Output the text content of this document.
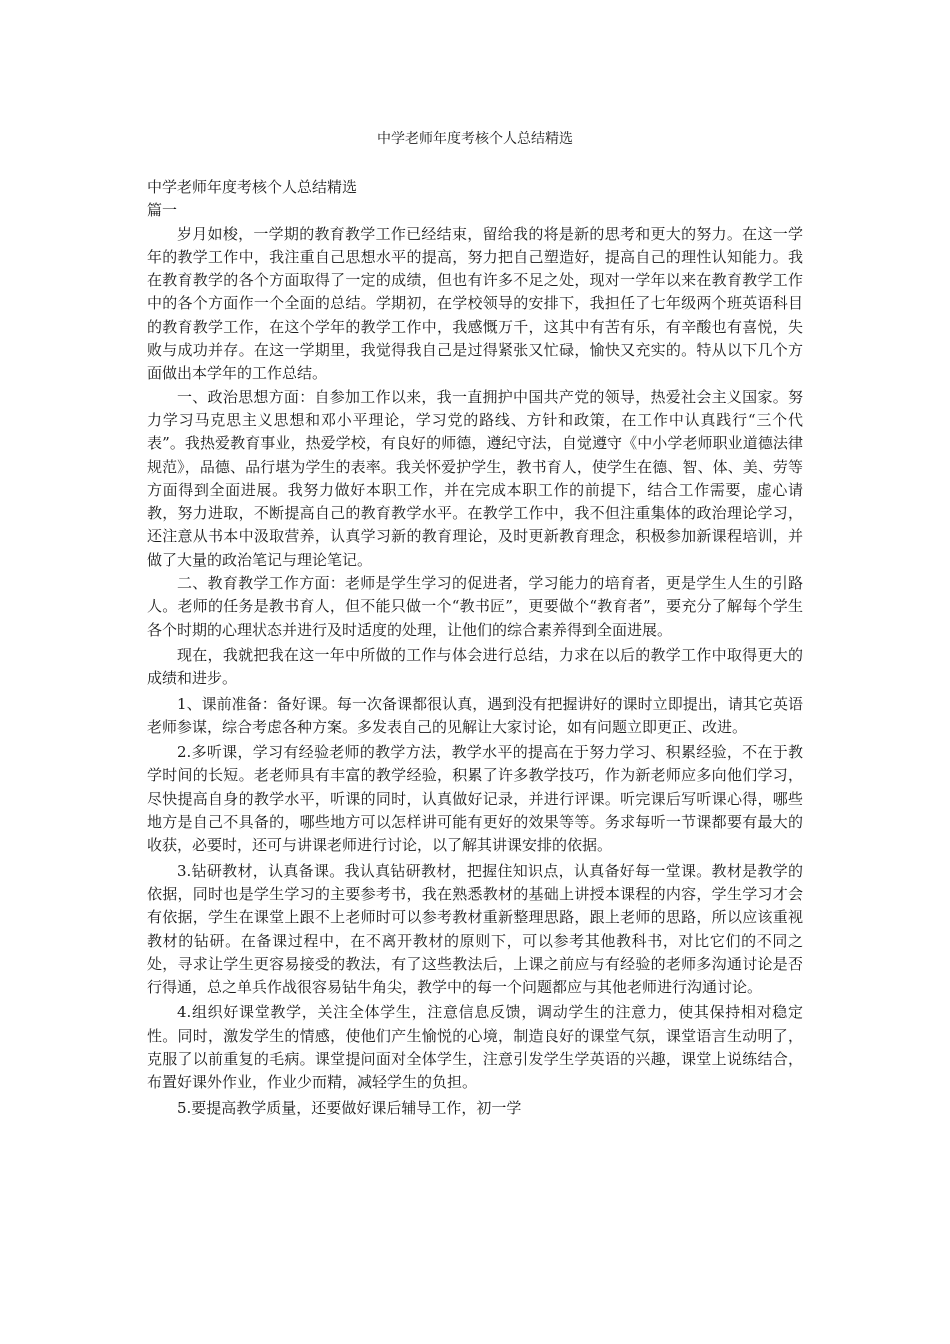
中学老师年度考核个人总结精选

中学老师年度考核个人总结精选

篇一

岁月如梭，一学期的教育教学工作已经结束，留给我的将是新的思考和更大的努力。在这一学年的教学工作中，我注重自己思想水平的提高，努力把自己塑造好，提高自己的理性认知能力。我在教育教学的各个方面取得了一定的成绩，但也有许多不足之处，现对一学年以来在教育教学工作中的各个方面作一个全面的总结。学期初，在学校领导的安排下，我担任了七年级两个班英语科目的教育教学工作，在这个学年的教学工作中，我感慨万千，这其中有苦有乐，有辛酸也有喜悦，失败与成功并存。在这一学期里，我觉得我自己是过得紧张又忙碌，愉快又充实的。特从以下几个方面做出本学年的工作总结。

一、政治思想方面：自参加工作以来，我一直拥护中国共产党的领导，热爱社会主义国家。努力学习马克思主义思想和邓小平理论，学习党的路线、方针和政策，在工作中认真践行“三个代表”。我热爱教育事业，热爱学校，有良好的师德，遵纪守法，自觉遵守《中小学老师职业道德法律规范》，品德、品行堪为学生的表率。我关怀爱护学生，教书育人，使学生在德、智、体、美、劳等方面得到全面进展。我努力做好本职工作，并在完成本职工作的前提下，结合工作需要，虚心请教，努力进取，不断提高自己的教育教学水平。在教学工作中，我不但注重集体的政治理论学习，还注意从书本中汲取营养，认真学习新的教育理论，及时更新教育理念，积极参加新课程培训，并做了大量的政治笔记与理论笔记。

二、教育教学工作方面：老师是学生学习的促进者，学习能力的培育者，更是学生人生的引路人。老师的任务是教书育人，但不能只做一个“教书匠”，更要做个“教育者”，要充分了解每个学生各个时期的心理状态并进行及时适度的处理，让他们的综合素养得到全面进展。

现在，我就把我在这一年中所做的工作与体会进行总结，力求在以后的教学工作中取得更大的成绩和进步。

1、课前准备：备好课。每一次备课都很认真，遇到没有把握讲好的课时立即提出，请其它英语老师参谋，综合考虑各种方案。多发表自己的见解让大家讨论，如有问题立即更正、改进。

2.多听课，学习有经验老师的教学方法，教学水平的提高在于努力学习、积累经验，不在于教学时间的长短。老老师具有丰富的教学经验，积累了许多教学技巧，作为新老师应多向他们学习，尽快提高自身的教学水平，听课的同时，认真做好记录，并进行评课。听完课后写听课心得，哪些地方是自己不具备的，哪些地方可以怎样讲可能有更好的效果等等。务求每听一节课都要有最大的收获，必要时，还可与讲课老师进行讨论，以了解其讲课安排的依据。

3.钻研教材，认真备课。我认真钻研教材，把握住知识点，认真备好每一堂课。教材是教学的依据，同时也是学生学习的主要参考书，我在熟悉教材的基础上讲授本课程的内容，学生学习才会有依据，学生在课堂上跟不上老师时可以参考教材重新整理思路，跟上老师的思路，所以应该重视教材的钻研。在备课过程中，在不离开教材的原则下，可以参考其他教科书，对比它们的不同之处，寻求让学生更容易接受的教法，有了这些教法后，上课之前应与有经验的老师多沟通讨论是否行得通，总之单兵作战很容易钻牛角尖，教学中的每一个问题都应与其他老师进行沟通讨论。

4.组织好课堂教学，关注全体学生，注意信息反馈，调动学生的注意力，使其保持相对稳定性。同时，激发学生的情感，使他们产生愉悦的心境，制造良好的课堂气氛，课堂语言生动明了，克服了以前重复的毛病。课堂提问面对全体学生，注意引发学生学英语的兴趣，课堂上说练结合，布置好课外作业，作业少而精，减轻学生的负担。

5.要提高教学质量，还要做好课后辅导工作，初一学
